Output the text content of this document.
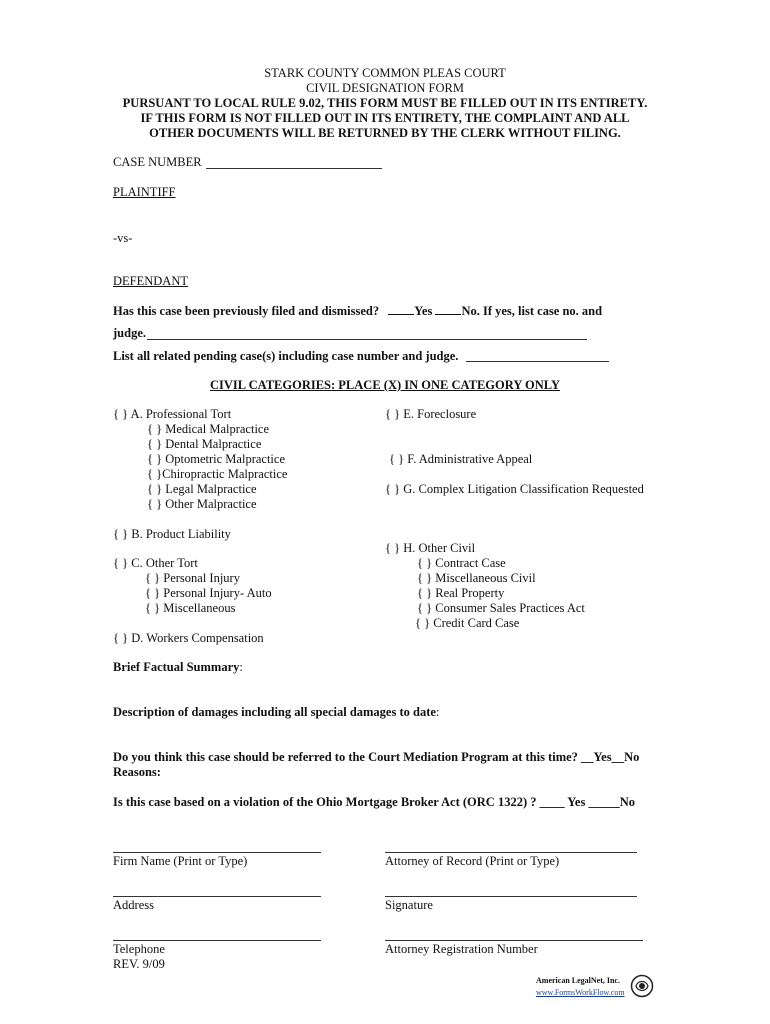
STARK COUNTY COMMON PLEAS COURT
CIVIL DESIGNATION FORM
PURSUANT TO LOCAL RULE 9.02, THIS FORM MUST BE FILLED OUT IN ITS ENTIRETY.
IF THIS FORM IS NOT FILLED OUT IN ITS ENTIRETY, THE COMPLAINT AND ALL
OTHER DOCUMENTS WILL BE RETURNED BY THE CLERK WITHOUT FILING.
CASE NUMBER
PLAINTIFF
-vs-
DEFENDANT
Has this case been previously filed and dismissed?	Yes No. If yes, list case no. and
judge.
List all related pending case(s) including case number and judge.
CIVIL CATEGORIES: PLACE (X) IN ONE CATEGORY ONLY
{ } A. Professional Tort
{ } Medical Malpractice
{ } Dental Malpractice
{ } Optometric Malpractice
{ }Chiropractic Malpractice
{ } Legal Malpractice
{ } Other Malpractice
{ } B. Product Liability
{ } C. Other Tort
{ } Personal Injury
{ } Personal Injury- Auto
{ } Miscellaneous
{ } D. Workers Compensation
{ } E. Foreclosure
{ } F. Administrative Appeal
{ } G. Complex Litigation Classification Requested
{ } H. Other Civil
{ } Contract Case
{ } Miscellaneous Civil
{ } Real Property
{ } Consumer Sales Practices Act
{ } Credit Card Case
Brief Factual Summary:
Description of damages including all special damages to date:
Do you think this case should be referred to the Court Mediation Program at this time? __Yes__No
Reasons:
Is this case based on a violation of the Ohio Mortgage Broker Act (ORC 1322) ? ____ Yes _____No
Firm Name (Print or Type)	Attorney of Record (Print or Type)
Address	Signature
Telephone	Attorney Registration Number
REV. 9/09
American LegalNet, Inc.
www.FormsWorkFlow.com
